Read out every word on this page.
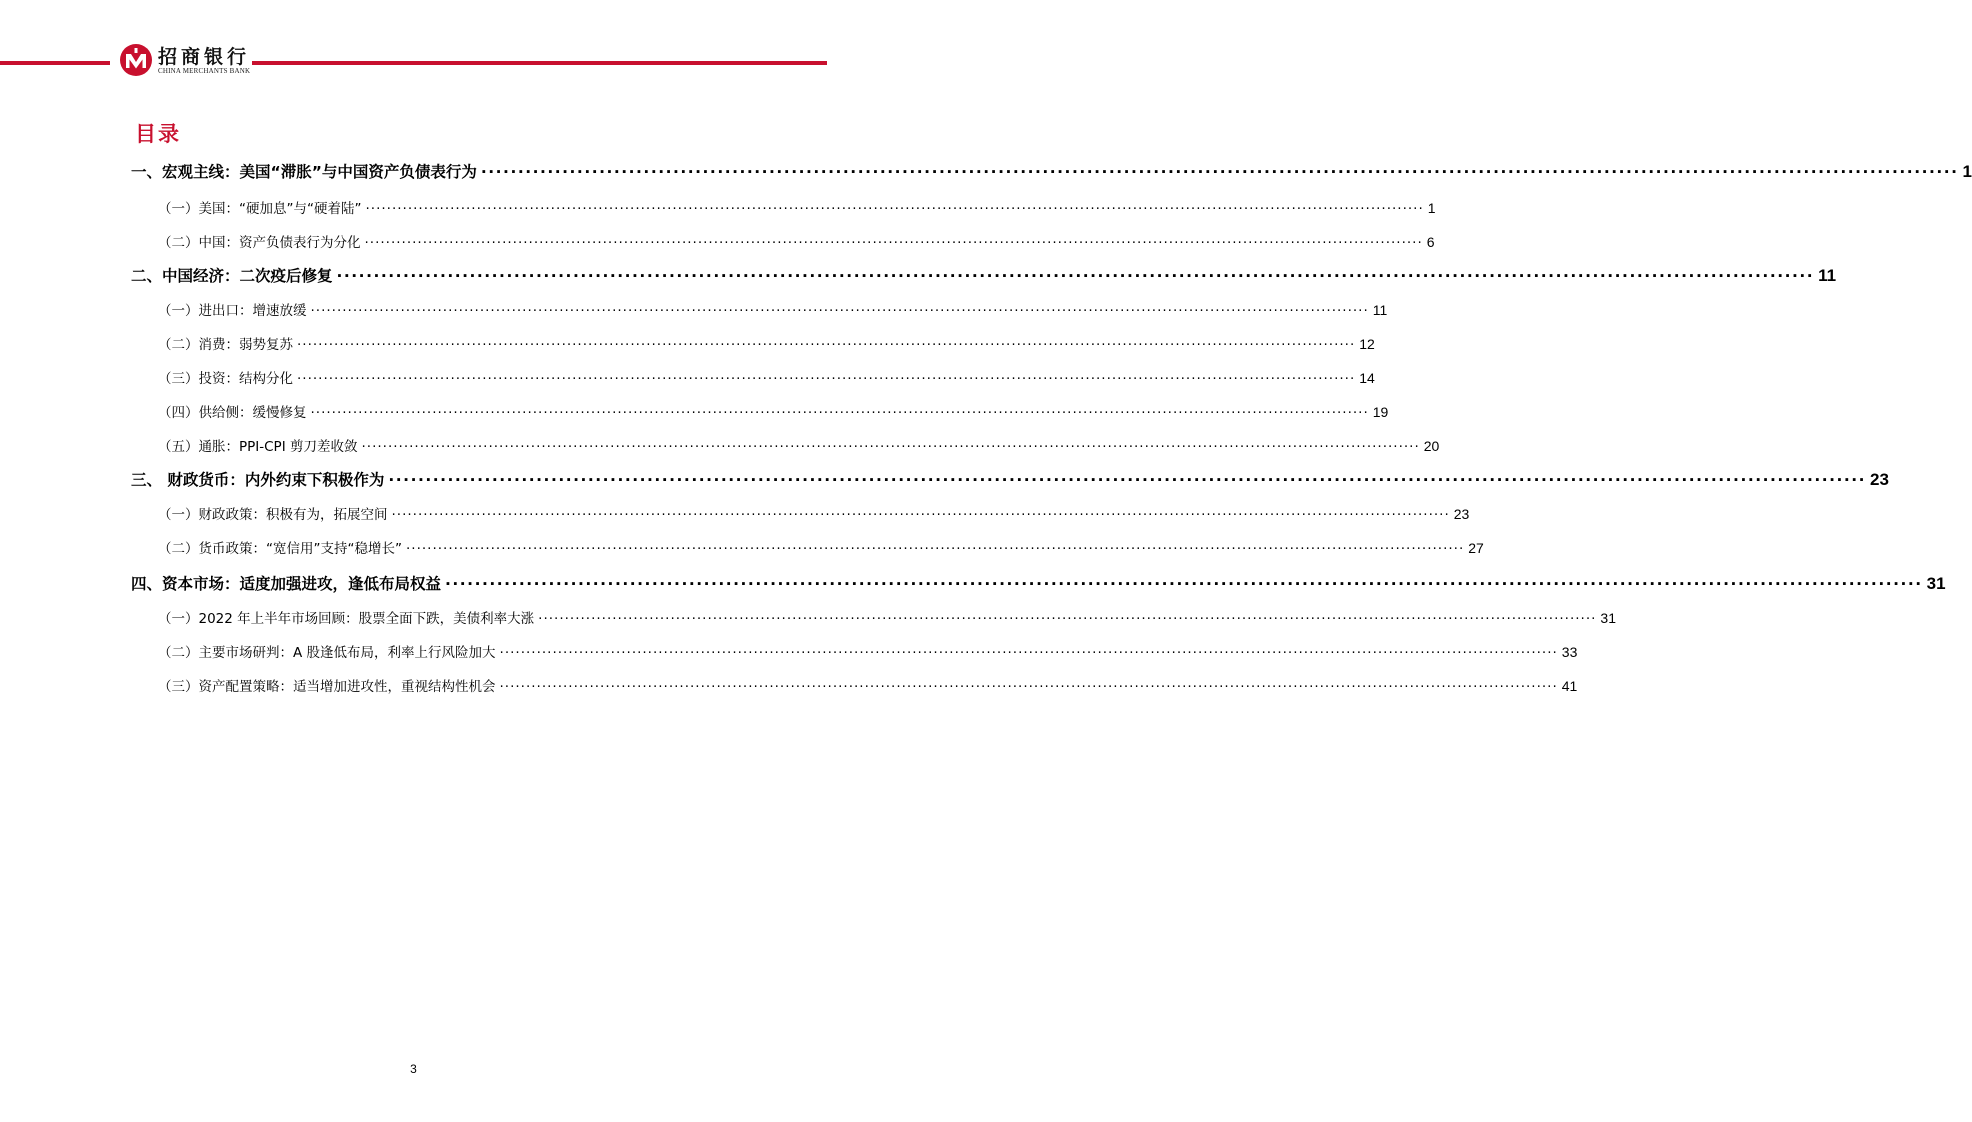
招商银行
CHINA MERCHANTS BANK
目录
一、宏观主线：美国“滞胀”与中国资产负债表行为 ········································································································································································································ 1
（一）美国：“硬加息”与“硬着陆” ········································································································································································································ 1
（二）中国：资产负债表行为分化 ········································································································································································································ 6
二、中国经济：二次疫后修复 ········································································································································································································ 11
（一）进出口：增速放缓 ········································································································································································································ 11
（二）消费：弱势复苏 ········································································································································································································ 12
（三）投资：结构分化 ········································································································································································································ 14
（四）供给侧：缓慢修复 ········································································································································································································ 19
（五）通胀：PPI-CPI 剪刀差收敛 ········································································································································································································ 20
三、 财政货币：内外约束下积极作为 ········································································································································································································ 23
（一）财政政策：积极有为，拓展空间 ········································································································································································································ 23
（二）货币政策：“宽信用”支持“稳增长” ········································································································································································································ 27
四、资本市场：适度加强进攻，逢低布局权益 ········································································································································································································ 31
（一）2022 年上半年市场回顾：股票全面下跌，美债利率大涨 ········································································································································································································ 31
（二）主要市场研判：A 股逢低布局，利率上行风险加大 ········································································································································································································ 33
（三）资产配置策略：适当增加进攻性，重视结构性机会 ········································································································································································································ 41
3
